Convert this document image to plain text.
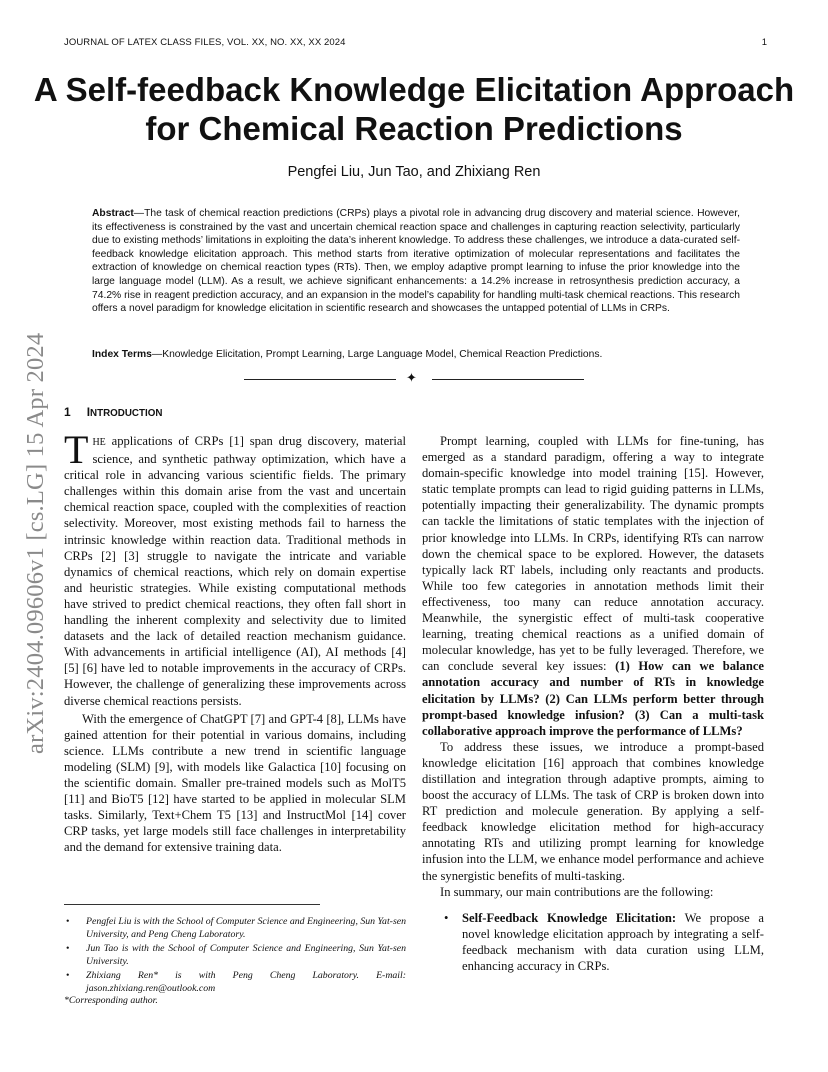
JOURNAL OF LATEX CLASS FILES, VOL. XX, NO. XX, XX 2024	1
arXiv:2404.09606v1 [cs.LG] 15 Apr 2024
A Self-feedback Knowledge Elicitation Approach for Chemical Reaction Predictions
Pengfei Liu, Jun Tao, and Zhixiang Ren
Abstract—The task of chemical reaction predictions (CRPs) plays a pivotal role in advancing drug discovery and material science. However, its effectiveness is constrained by the vast and uncertain chemical reaction space and challenges in capturing reaction selectivity, particularly due to existing methods’ limitations in exploiting the data’s inherent knowledge. To address these challenges, we introduce a data-curated self-feedback knowledge elicitation approach. This method starts from iterative optimization of molecular representations and facilitates the extraction of knowledge on chemical reaction types (RTs). Then, we employ adaptive prompt learning to infuse the prior knowledge into the large language model (LLM). As a result, we achieve significant enhancements: a 14.2% increase in retrosynthesis prediction accuracy, a 74.2% rise in reagent prediction accuracy, and an expansion in the model’s capability for handling multi-task chemical reactions. This research offers a novel paradigm for knowledge elicitation in scientific research and showcases the untapped potential of LLMs in CRPs.
Index Terms—Knowledge Elicitation, Prompt Learning, Large Language Model, Chemical Reaction Predictions.
✦
1 INTRODUCTION

THE applications of CRPs [1] span drug discovery, material science, and synthetic pathway optimization, which have a critical role in advancing various scientific fields. The primary challenges within this domain arise from the vast and uncertain chemical reaction space, coupled with the complexities of reaction selectivity. Moreover, most existing methods fail to harness the intrinsic knowledge within reaction data. Traditional methods in CRPs [2] [3] struggle to navigate the intricate and variable dynamics of chemical reactions, which rely on domain expertise and heuristic strategies. While existing computational methods have strived to predict chemical reactions, they often fall short in handling the inherent complexity and selectivity due to limited datasets and the lack of detailed reaction mechanism guidance. With advancements in artificial intelligence (AI), AI methods [4] [5] [6] have led to notable improvements in the accuracy of CRPs. However, the challenge of generalizing these improvements across diverse chemical reactions persists.

With the emergence of ChatGPT [7] and GPT-4 [8], LLMs have gained attention for their potential in various domains, including science. LLMs contribute a new trend in scientific language modeling (SLM) [9], with models like Galactica [10] focusing on the scientific domain. Smaller pre-trained models such as MolT5 [11] and BioT5 [12] have started to be applied in molecular SLM tasks. Similarly, Text+Chem T5 [13] and InstructMol [14] cover CRP tasks, yet large models still face challenges in interpretability and the demand for extensive training data.

• Pengfei Liu is with the School of Computer Science and Engineering, Sun Yat-sen University, and Peng Cheng Laboratory.
• Jun Tao is with the School of Computer Science and Engineering, Sun Yat-sen University.
• Zhixiang Ren* is with Peng Cheng Laboratory. E-mail: jason.zhixiang.ren@outlook.com
*Corresponding author.

Prompt learning, coupled with LLMs for fine-tuning, has emerged as a standard paradigm, offering a way to integrate domain-specific knowledge into model training [15]. However, static template prompts can lead to rigid guiding patterns in LLMs, potentially impacting their generalizability. The dynamic prompts can tackle the limitations of static templates with the injection of prior knowledge into LLMs. In CRPs, identifying RTs can narrow down the chemical space to be explored. However, the datasets typically lack RT labels, including only reactants and products. While too few categories in annotation methods limit their effectiveness, too many can reduce annotation accuracy. Meanwhile, the synergistic effect of multi-task cooperative learning, treating chemical reactions as a unified domain of molecular knowledge, has yet to be fully leveraged. Therefore, we can conclude several key issues: (1) How can we balance annotation accuracy and number of RTs in knowledge elicitation by LLMs? (2) Can LLMs perform better through prompt-based knowledge infusion? (3) Can a multi-task collaborative approach improve the performance of LLMs?

To address these issues, we introduce a prompt-based knowledge elicitation [16] approach that combines knowledge distillation and integration through adaptive prompts, aiming to boost the accuracy of LLMs. The task of CRP is broken down into RT prediction and molecule generation. By applying a self-feedback knowledge elicitation method for high-accuracy annotating RTs and utilizing prompt learning for knowledge infusion into the LLM, we enhance model performance and achieve the synergistic benefits of multi-tasking.

In summary, our main contributions are the following:

• Self-Feedback Knowledge Elicitation: We propose a novel knowledge elicitation approach by integrating a self-feedback mechanism with data curation using LLM, enhancing accuracy in CRPs.
